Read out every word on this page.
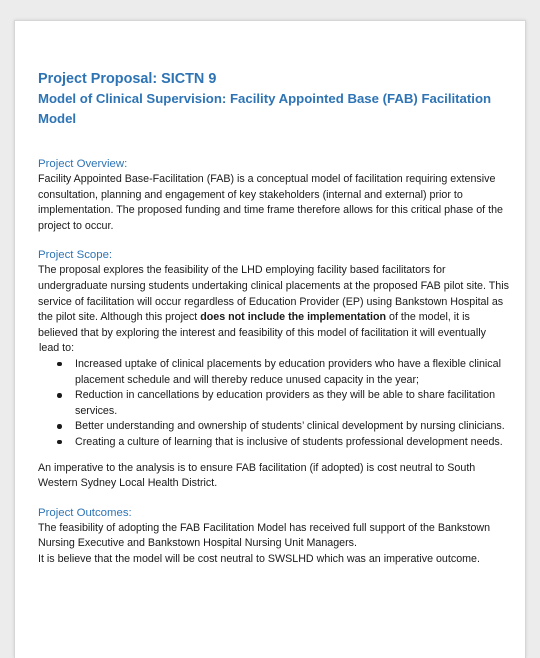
Project Proposal: SICTN 9

Model of Clinical Supervision: Facility Appointed Base (FAB) Facilitation

Model

Project Overview:

Facility Appointed Base-Facilitation (FAB) is a conceptual model of facilitation requiring extensive

consultation, planning and engagement of key stakeholders (internal and external) prior to

implementation. The proposed funding and time frame therefore allows for this critical phase of the

project to occur.

Project Scope:

The proposal explores the feasibility of the LHD employing facility based facilitators for

undergraduate nursing students undertaking clinical placements at the proposed FAB pilot site. This

service of facilitation will occur regardless of Education Provider (EP) using Bankstown Hospital as

the pilot site. Although this project does not include the implementation of the model, it is

believed that by exploring the interest and feasibility of this model of facilitation it will eventually

lead to:

Increased uptake of clinical placements by education providers who have a flexible clinical
placement schedule and will thereby reduce unused capacity in the year;
Reduction in cancellations by education providers as they will be able to share facilitation
services.
Better understanding and ownership of students’ clinical development by nursing clinicians.
Creating a culture of learning that is inclusive of students professional development needs.

An imperative to the analysis is to ensure FAB facilitation (if adopted) is cost neutral to South

Western Sydney Local Health District.

Project Outcomes:

The feasibility of adopting the FAB Facilitation Model has received full support of the Bankstown

Nursing Executive and Bankstown Hospital Nursing Unit Managers.

It is believe that the model will be cost neutral to SWSLHD which was an imperative outcome.
